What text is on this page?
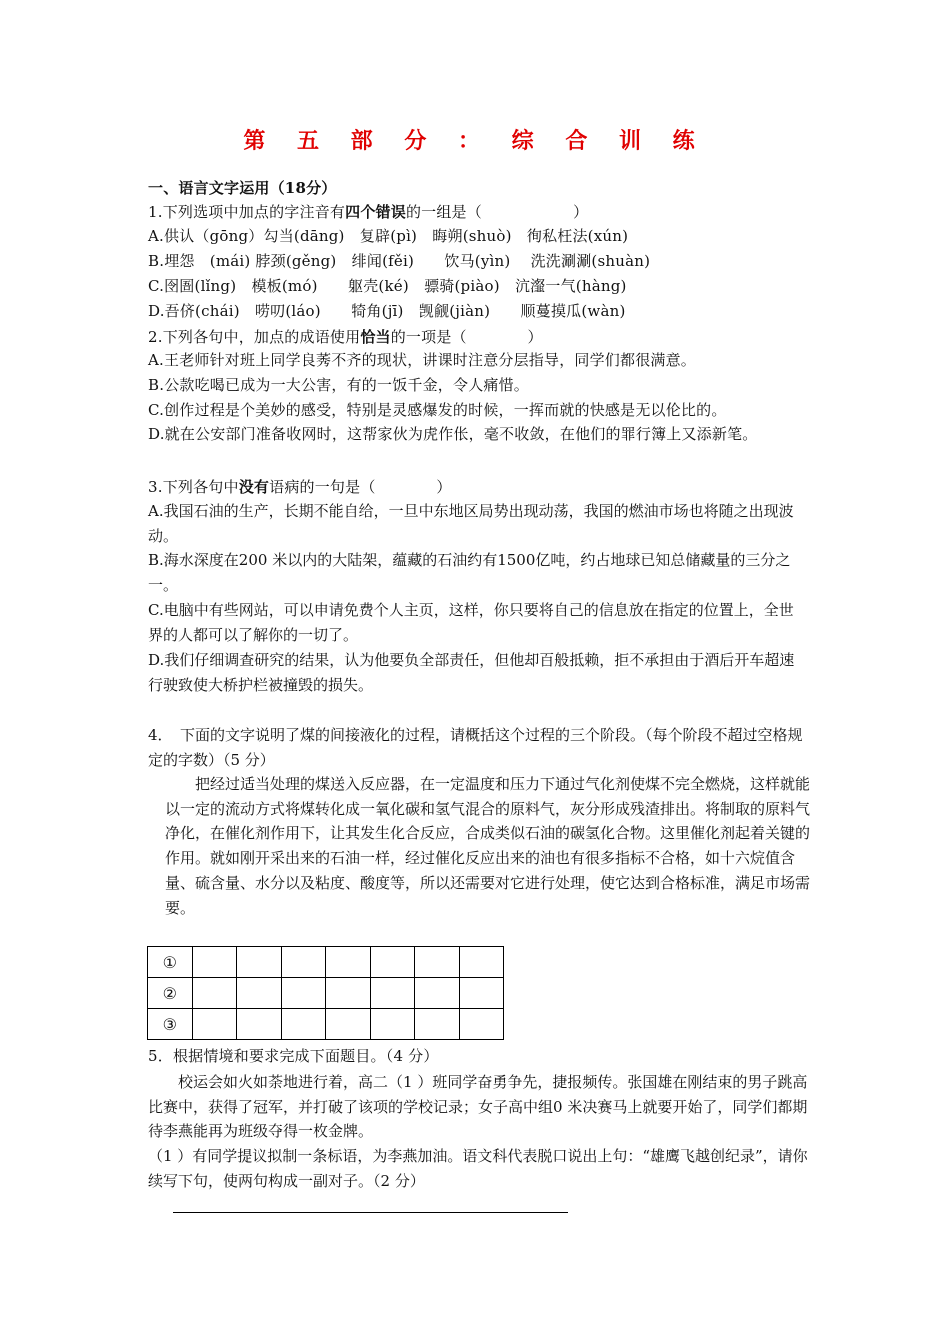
第 五 部 分 ： 综 合 训 练
一、语言文字运用（18分）
1.下列选项中加点的字注音有四个错误的一组是（　　　　　　）
A.供认（gōng）勾当(dāng)　复辟(pì)　晦朔(shuò)　徇私枉法(xún)
B.埋怨　(mái) 脖颈(gěng)　绯闻(fěi)　　饮马(yìn)　 洗洗涮涮(shuàn)
C.囹圄(lǐng)　模板(mó)　　躯壳(ké)　骠骑(piào)　沆瀣一气(hàng)
D.吾侪(chái)　唠叨(láo)　　犄角(jī)　觊觎(jiàn)　　顺蔓摸瓜(wàn)
2.下列各句中，加点的成语使用恰当的一项是（　　　　）
A.王老师针对班上同学良莠不齐的现状，讲课时注意分层指导，同学们都很满意。
B.公款吃喝已成为一大公害，有的一饭千金，令人痛惜。
C.创作过程是个美妙的感受，特别是灵感爆发的时候，一挥而就的快感是无以伦比的。
D.就在公安部门准备收网时，这帮家伙为虎作伥，毫不收敛，在他们的罪行簿上又添新笔。
3.下列各句中没有语病的一句是（　　　　）
A.我国石油的生产，长期不能自给，一旦中东地区局势出现动荡，我国的燃油市场也将随之出现波动。
B.海水深度在200 米以内的大陆架，蕴藏的石油约有1500亿吨，约占地球已知总储藏量的三分之一。
C.电脑中有些网站，可以申请免费个人主页，这样，你只要将自己的信息放在指定的位置上，全世界的人都可以了解你的一切了。
D.我们仔细调查研究的结果，认为他要负全部责任，但他却百般抵赖，拒不承担由于酒后开车超速行驶致使大桥护栏被撞毁的损失。
4．　下面的文字说明了煤的间接液化的过程，请概括这个过程的三个阶段。（每个阶段不超过空格规定的字数）（5 分）
把经过适当处理的煤送入反应器，在一定温度和压力下通过气化剂使煤不完全燃烧，这样就能以一定的流动方式将煤转化成一氧化碳和氢气混合的原料气，灰分形成残渣排出。将制取的原料气净化，在催化剂作用下，让其发生化合反应，合成类似石油的碳氢化合物。这里催化剂起着关键的作用。就如刚开采出来的石油一样，经过催化反应出来的油也有很多指标不合格，如十六烷值含量、硫含量、水分以及粘度、酸度等，所以还需要对它进行处理，使它达到合格标准，满足市场需要。
①							
②							
③							
5．根据情境和要求完成下面题目。（4 分）
校运会如火如荼地进行着，高二（1 ）班同学奋勇争先，捷报频传。张国雄在刚结束的男子跳高比赛中，获得了冠军，并打破了该项的学校记录；女子高中组0 米决赛马上就要开始了，同学们都期待李燕能再为班级夺得一枚金牌。
（1 ）有同学提议拟制一条标语，为李燕加油。语文科代表脱口说出上句：“雄鹰飞越创纪录”，请你续写下句，使两句构成一副对子。（2 分）
